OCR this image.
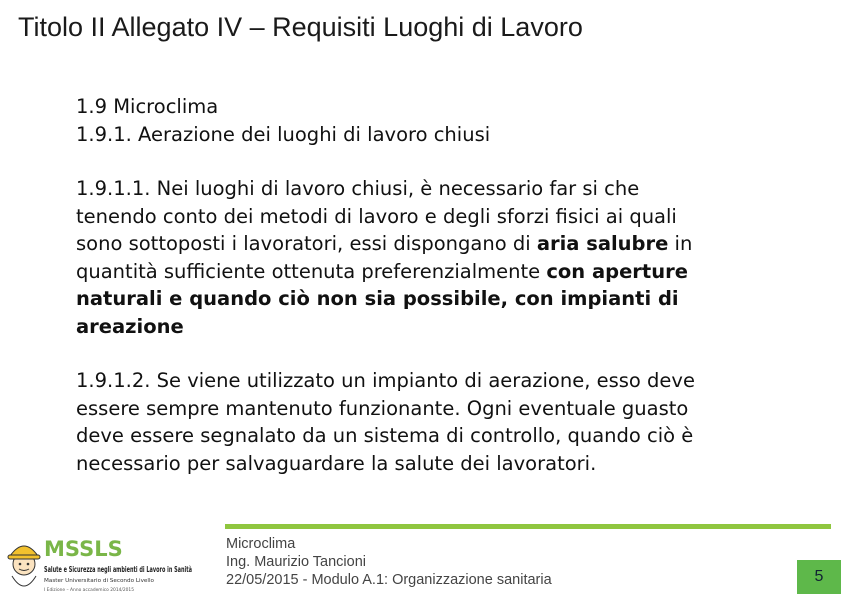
Titolo II Allegato IV – Requisiti Luoghi di Lavoro

1.9 Microclima

1.9.1. Aerazione dei luoghi di lavoro chiusi

1.9.1.1. Nei luoghi di lavoro chiusi, è necessario far si che tenendo conto dei metodi di lavoro e degli sforzi fisici ai quali sono sottoposti i lavoratori, essi dispongano di aria salubre in quantità sufficiente ottenuta preferenzialmente con aperture naturali e quando ciò non sia possibile, con impianti di areazione

1.9.1.2. Se viene utilizzato un impianto di aerazione, esso deve essere sempre mantenuto funzionante. Ogni eventuale guasto deve essere segnalato da un sistema di controllo, quando ciò è necessario per salvaguardare la salute dei lavoratori.

MSSLS
Salute e Sicurezza negli ambienti di Lavoro in Sanità
Master Universitario di Secondo Livello
I Edizione – Anno accademico 2014/2015
Microclima
Ing. Maurizio Tancioni
22/05/2015 - Modulo A.1: Organizzazione sanitaria	5
